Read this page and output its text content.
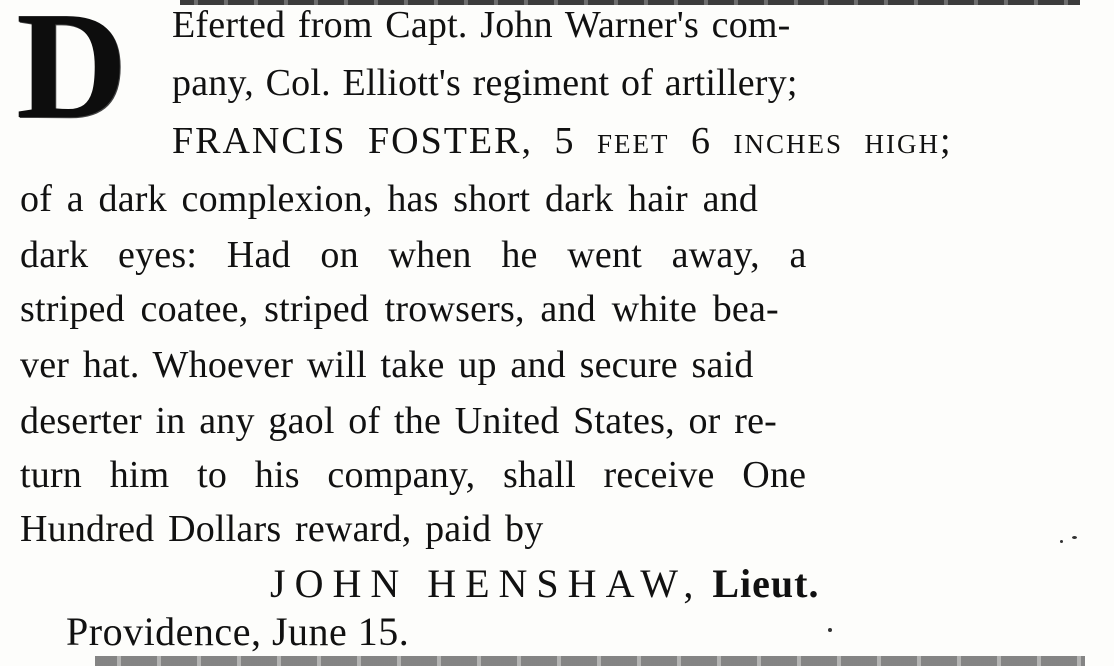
D	Eferted from Capt. John Warner's com-
pany, Col. Elliott's regiment of artillery;
FRANCIS FOSTER, 5 feet 6 inches high;
of a dark complexion, has short dark hair and
dark eyes: Had on when he went away, a
striped coatee, striped trowsers, and white bea-
ver hat. Whoever will take up and secure said
deserter in any gaol of the United States, or re-
turn him to his company, shall receive One
Hundred Dollars reward, paid by
JOHN HENSHAW, Lieut.
Providence, June 15.
